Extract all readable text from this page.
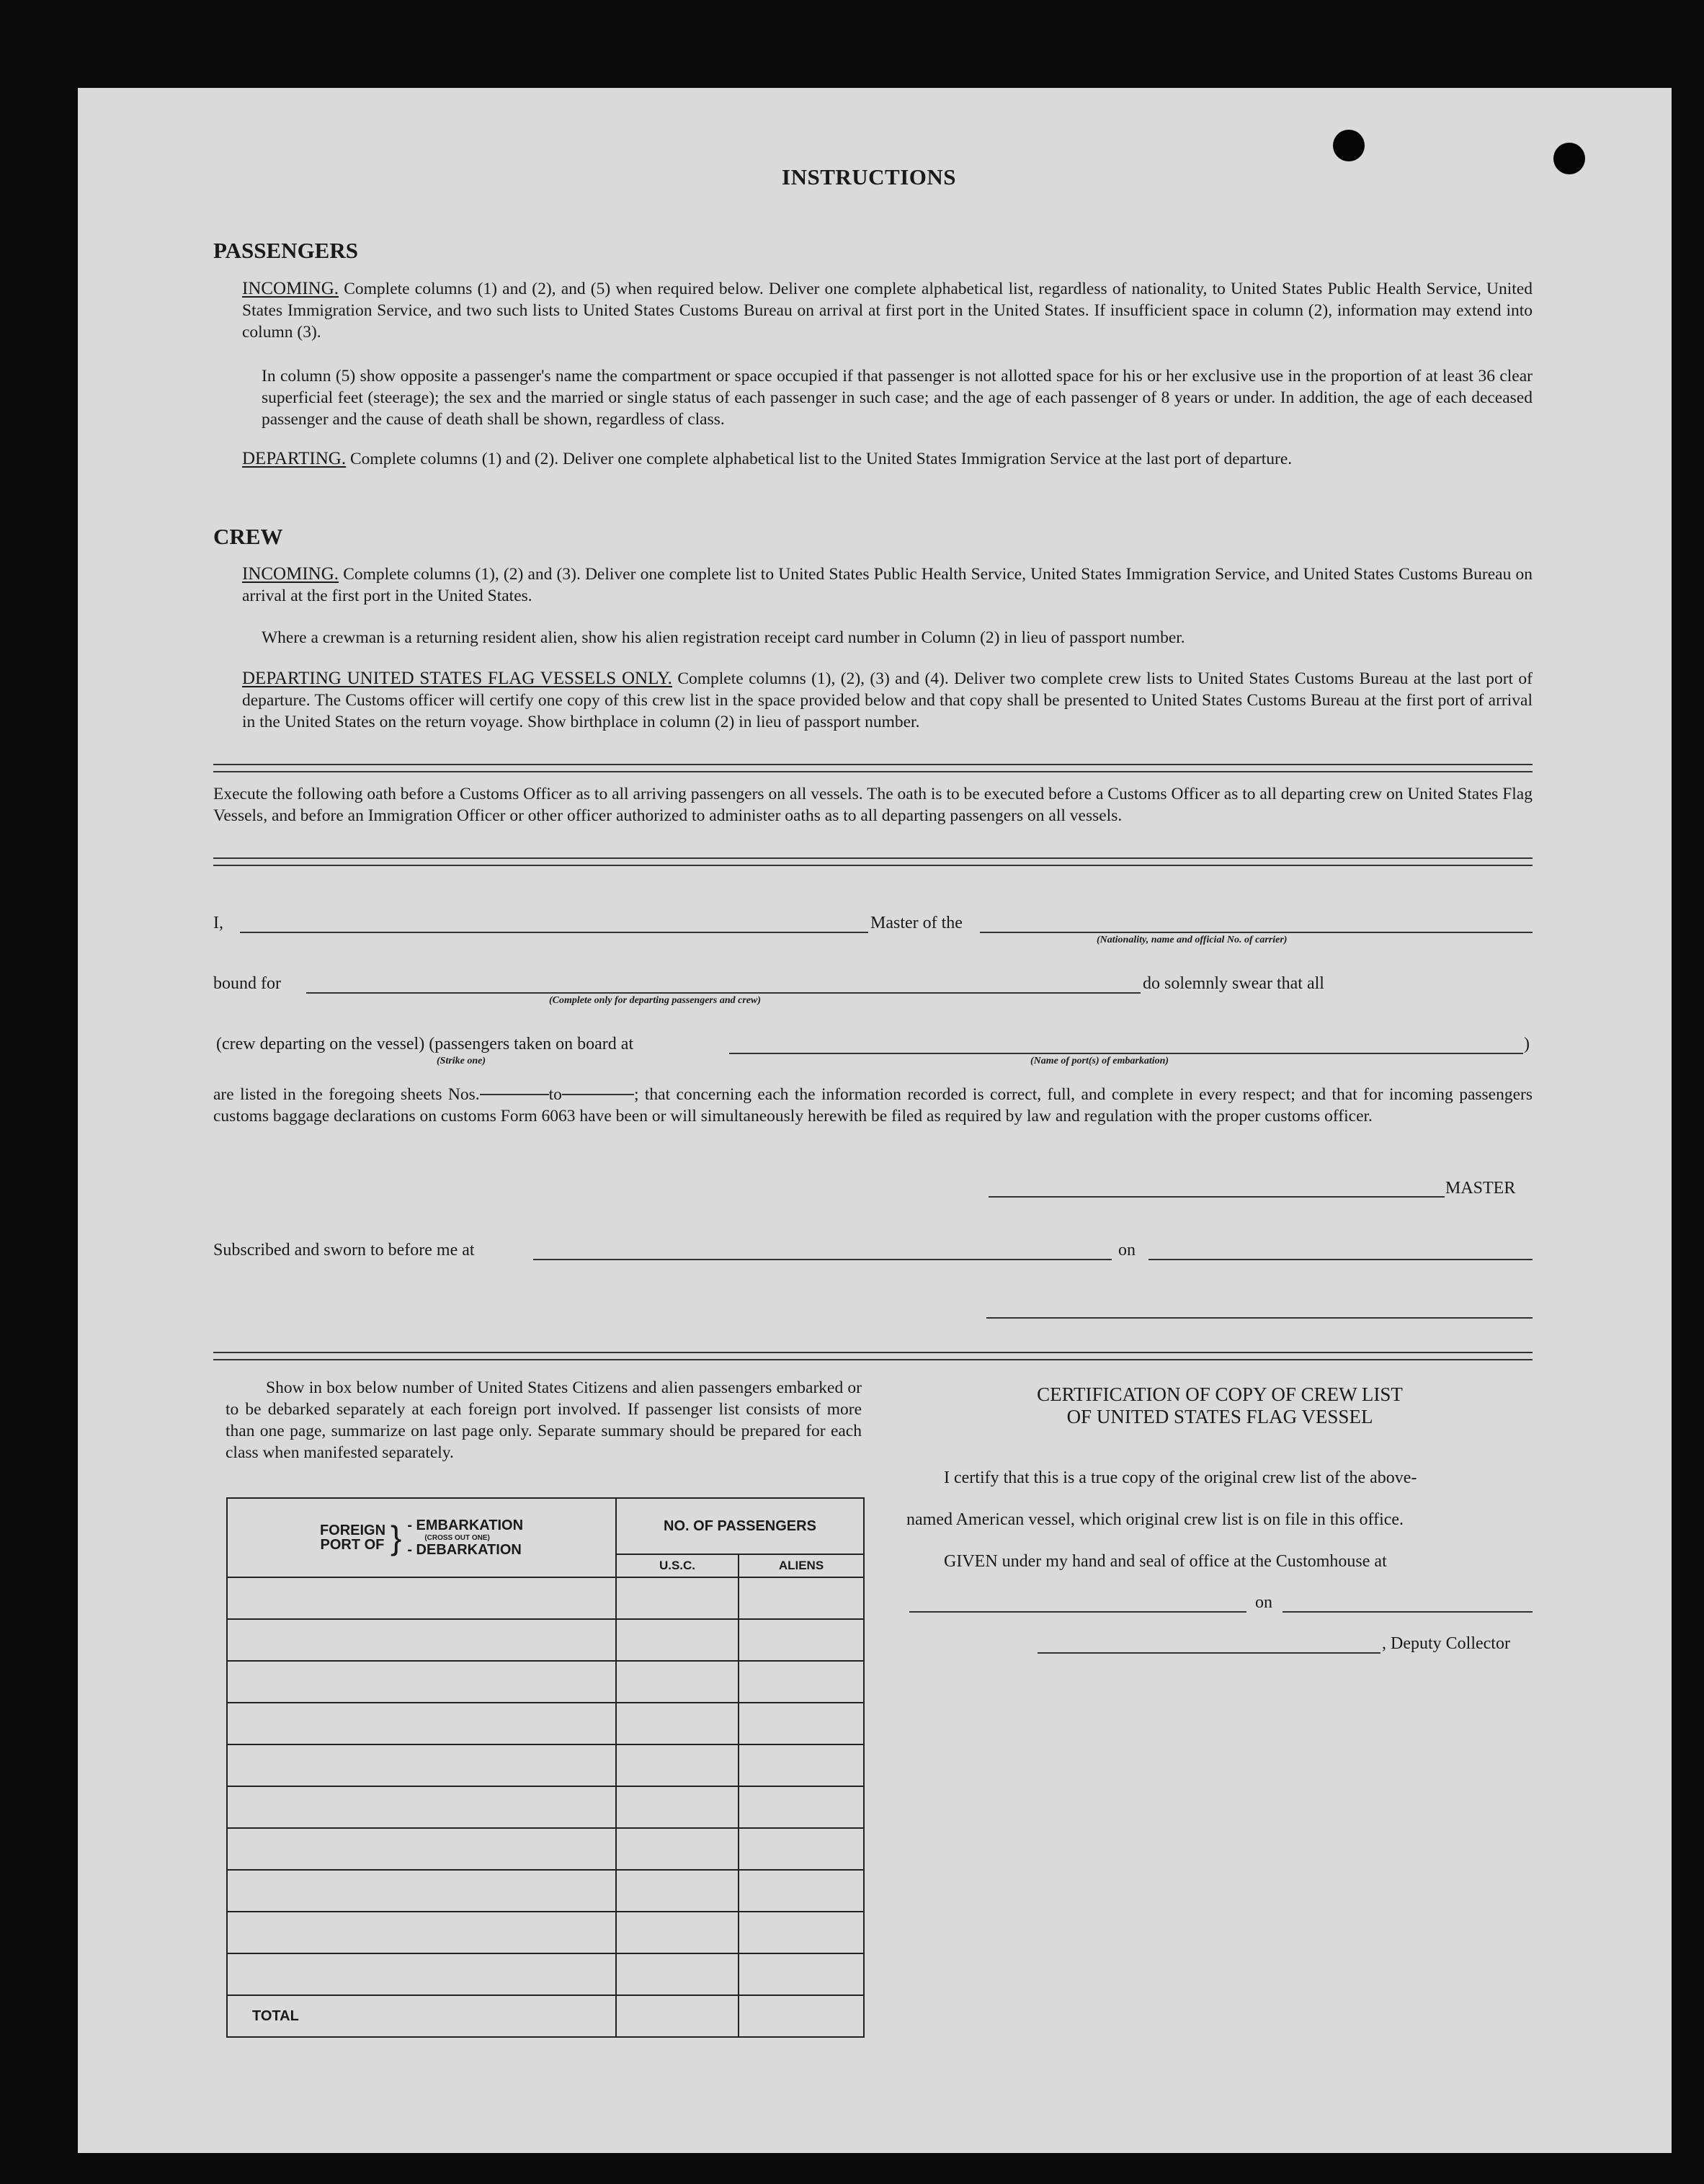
INSTRUCTIONS
PASSENGERS
INCOMING. Complete columns (1) and (2), and (5) when required below. Deliver one complete alphabetical list, regardless of nationality, to United States Public Health Service, United States Immigration Service, and two such lists to United States Customs Bureau on arrival at first port in the United States. If insufficient space in column (2), information may extend into column (3).
In column (5) show opposite a passenger's name the compartment or space occupied if that passenger is not allotted space for his or her exclusive use in the proportion of at least 36 clear superficial feet (steerage); the sex and the married or single status of each passenger in such case; and the age of each passenger of 8 years or under. In addition, the age of each deceased passenger and the cause of death shall be shown, regardless of class.
DEPARTING. Complete columns (1) and (2). Deliver one complete alphabetical list to the United States Immigration Service at the last port of departure.
CREW
INCOMING. Complete columns (1), (2) and (3). Deliver one complete list to United States Public Health Service, United States Immigration Service, and United States Customs Bureau on arrival at the first port in the United States.
Where a crewman is a returning resident alien, show his alien registration receipt card number in Column (2) in lieu of passport number.
DEPARTING UNITED STATES FLAG VESSELS ONLY. Complete columns (1), (2), (3) and (4). Deliver two complete crew lists to United States Customs Bureau at the last port of departure. The Customs officer will certify one copy of this crew list in the space provided below and that copy shall be presented to United States Customs Bureau at the first port of arrival in the United States on the return voyage. Show birthplace in column (2) in lieu of passport number.
Execute the following oath before a Customs Officer as to all arriving passengers on all vessels. The oath is to be executed before a Customs Officer as to all departing crew on United States Flag Vessels, and before an Immigration Officer or other officer authorized to administer oaths as to all departing passengers on all vessels.
I,	Master of the
(Nationality, name and official No. of carrier)
bound for	do solemnly swear that all
(Complete only for departing passengers and crew)
(crew departing on the vessel) (passengers taken on board at	)
(Strike one)	(Name of port(s) of embarkation)
are listed in the foregoing sheets Nos.	to	; that concerning each the information recorded is correct, full, and complete in every respect; and that for incoming passengers customs baggage declarations on customs Form 6063 have been or will simultaneously herewith be filed as required by law and regulation with the proper customs officer.
MASTER
Subscribed and sworn to before me at	on
Show in box below number of United States Citizens and alien passengers embarked or to be debarked separately at each foreign port involved. If passenger list consists of more than one page, summarize on last page only. Separate summary should be prepared for each class when manifested separately.
FOREIGN PORT OF } - EMBARKATION
(CROSS OUT ONE)
- DEBARKATION	NO. OF PASSENGERS	
	U.S.C.	ALIENS

TOTAL		
CERTIFICATION OF COPY OF CREW LIST
OF UNITED STATES FLAG VESSEL
I certify that this is a true copy of the original crew list of the above-
named American vessel, which original crew list is on file in this office.
GIVEN under my hand and seal of office at the Customhouse at
on
, Deputy Collector
